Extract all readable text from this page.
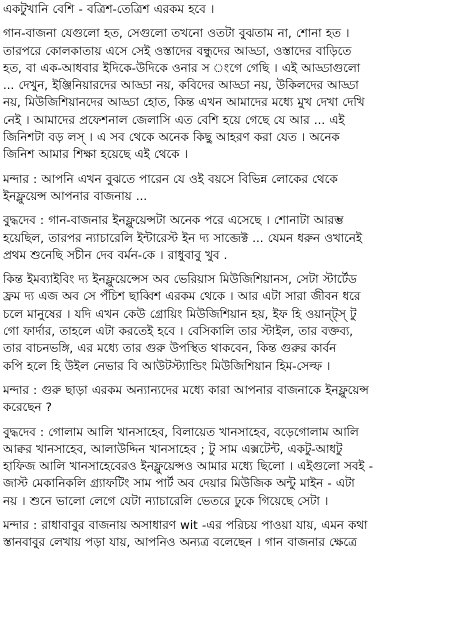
একটুখানি বেশি - বত্রিশ-তেত্রিশ এরকম হবে ।
গান-বাজনা যেগুলো হত, সেগুলো তখনো ওতটা বুঝতাম না, শোনা হত ।
তারপরে কোলকাতায় এসে সেই ওস্তাদের বন্ধুদের আড্ডা, ওস্তাদের বাড়িতে
হত, বা এক-আধবার ইদিকে-উদিকে ওনার স ংগে গেছি । এই আড্ডাগুলো
... দেখুন, ইঞ্জিনিয়ারদের আড্ডা নয়, কবিদের আড্ডা নয়, উকিলদের আড্ডা
নয়, মিউজিশিয়ানদের আড্ডা হোত, কিন্ত এখন আমাদের মধ্যে মুখ দেখা দেখি
নেই । আমাদের প্রফেশনাল জেলাসি এত বেশি হয়ে গেছে যে আর ... এই
জিনিশটা বড় লস্ । এ সব থেকে অনেক কিছু আহরণ করা যেত । অনেক
জিনিশ আমার শিক্ষা হয়েছে এই থেকে ।
মন্দার : আপনি এখন বুঝতে পারেন যে ওই বয়সে বিভিন্ন লোকের থেকে
ইনফ্লুয়েন্স আপনার বাজনায় ...
বুদ্ধদেব : গান-বাজনার ইনফ্লুয়েন্সটা অনেক পরে এসেছে । শোনাটা আরম্ভ
হয়েছিল, তারপর ন্যাচারেলি ইন্টারেস্ট ইন দ্য সাব্জেক্ট ... যেমন ধরুন ওখানেই
প্রথম শুনেছি সচীন দেব বর্মন-কে । রাধুবাবু খুব .
কিন্ত ইমব্যাইবিং দ্য ইনফ্লুয়েন্সেস অব ভেরিয়াস মিউজিশিয়ানস, সেটা স্টার্টেড
ফ্রম দ্য এজ অব সে পঁচিশ ছাব্বিশ এরকম থেকে । আর এটা সারা জীবন ধরে
চলে মানুষের । যদি এখন কেউ গ্রোয়িং মিউজিশিয়ান হয়, ইফ হি ওয়ান্ট্স্ টু
গো ফার্দার, তাহলে এটা করতেই হবে । বেসিকালি তার স্টাইল, তার বক্তব্য,
তার বাচনভঙ্গি, এর মধ্যে তার গুরু উপস্থিত থাকবেন, কিন্ত গুরুর কার্বন
কপি হলে হি উইল নেভার বি আউটস্ট্যান্ডিং মিউজিশিয়ান হিম-সেল্ফ ।
মন্দার : গুরু ছাড়া এরকম অন্যান্যদের মধ্যে কারা আপনার বাজনাকে ইনফ্লুয়েন্স
করেছেন ?
বুদ্ধদেব : গোলাম আলি খানসাহেব, বিলায়েত খানসাহেব, বড়েগোলাম আলি
আক্বর খানসাহেব, আলাউদ্দিন খানসাহেব ; টু সাম এক্সটেন্ট, একটু-আধটু
হাফিজ আলি খানসাহেবেরও ইনফ্লুয়েন্সও আমার মধ্যে ছিলো । এইগুলো সবই -
জাস্ট মেকানিকলি গ্র্যাফটিং সাম পার্ট অব দেয়ার মিউজিক অন্টু মাইন - এটা
নয় । শুনে ভালো লেগে যেটা ন্যাচারেলি ভেতরে ঢুকে গিয়েছে সেটা ।
মন্দার : রাধাবাবুর বাজনায় অসাধারণ wit -এর পরিচয় পাওয়া যায়, এমন কথা
স্তানবাবুর লেখায় পড়া যায়, আপনিও অন্যত্র বলেছেন । গান বাজনার ক্ষেত্রে
